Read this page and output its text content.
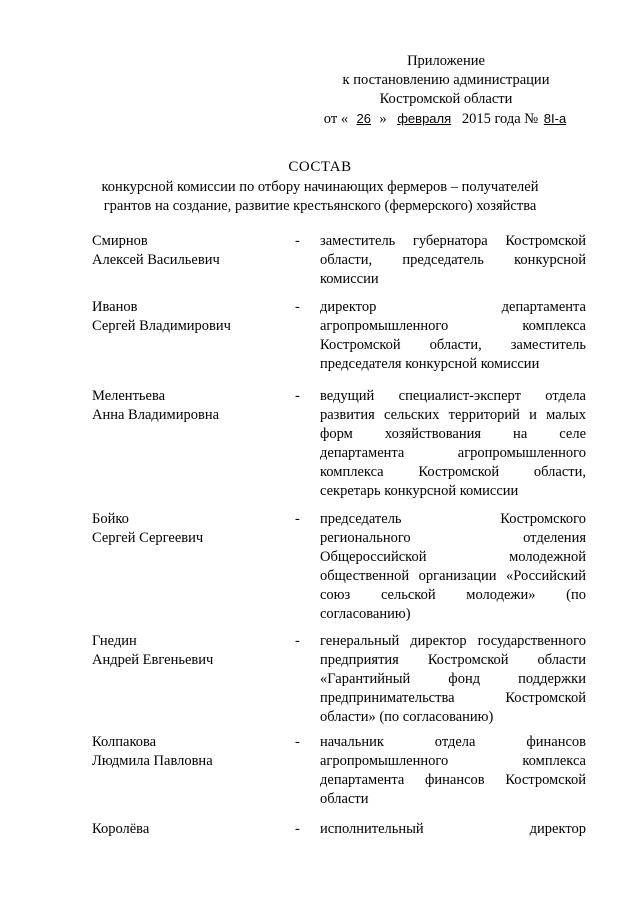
Приложение
к постановлению администрации
Костромской области
от « 26 » февраля 2015 года № 8I-a
СОСТАВ
конкурсной комиссии по отбору начинающих фермеров – получателей
грантов на создание, развитие крестьянского (фермерского) хозяйства
Смирнов
Алексей Васильевич
- заместитель губернатора Костромской
области, председатель конкурсной
комиссии
Иванов
Сергей Владимирович
- директор департамента
агропромышленного комплекса
Костромской области, заместитель
председателя конкурсной комиссии
Мелентьева
Анна Владимировна
- ведущий специалист-эксперт отдела
развития сельских территорий и малых
форм хозяйствования на селе
департамента агропромышленного
комплекса Костромской области,
секретарь конкурсной комиссии
Бойко
Сергей Сергеевич
- председатель Костромского
регионального отделения
Общероссийской молодежной
общественной организации «Российский
союз сельской молодежи» (по
согласованию)
Гнедин
Андрей Евгеньевич
- генеральный директор государственного
предприятия Костромской области
«Гарантийный фонд поддержки
предпринимательства Костромской
области» (по согласованию)
Колпакова
Людмила Павловна
- начальник отдела финансов
агропромышленного комплекса
департамента финансов Костромской
области
Королёва	- исполнительный директор
